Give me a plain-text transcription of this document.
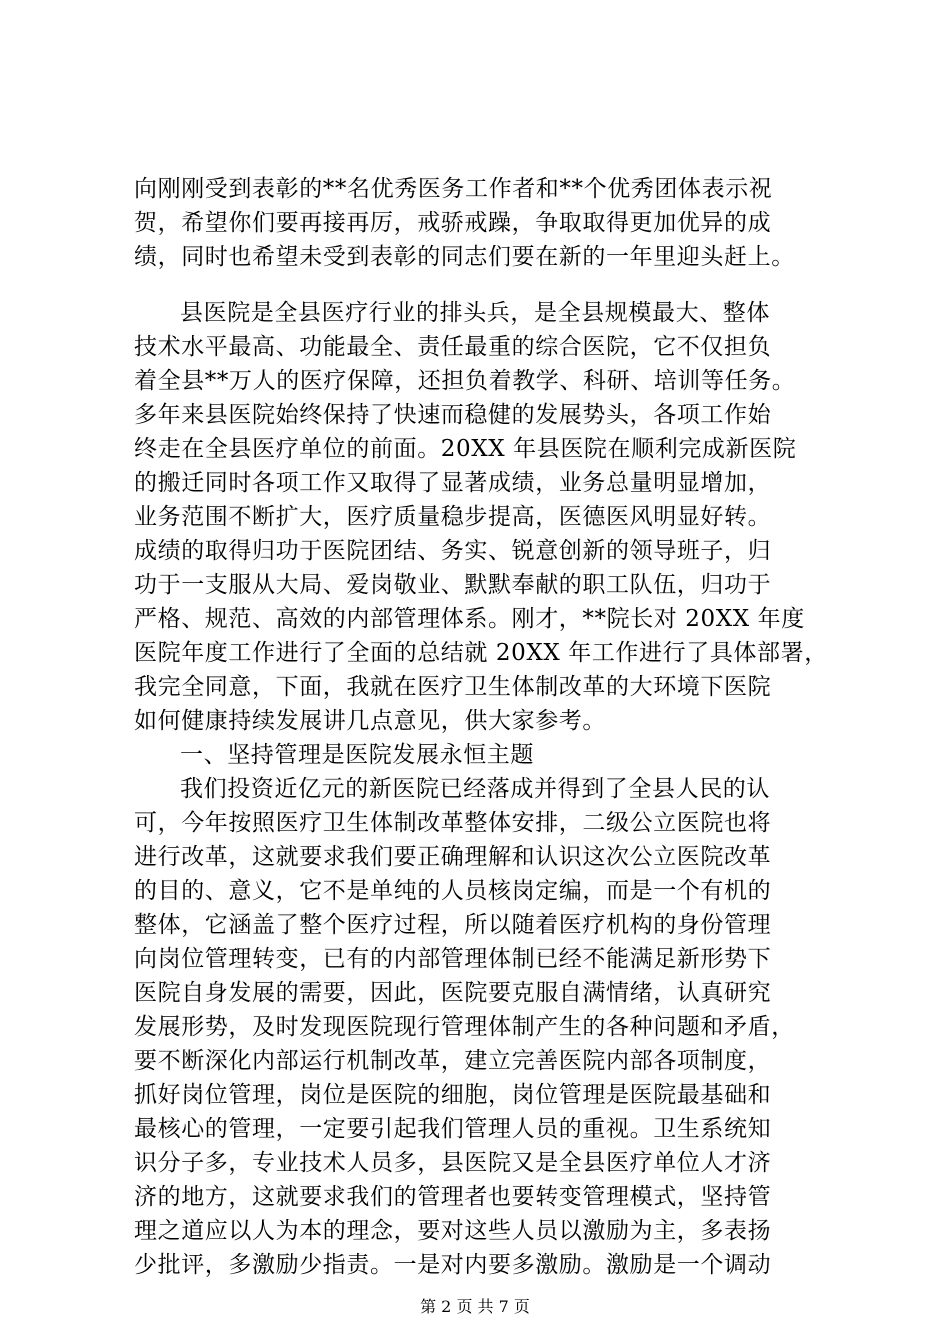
向刚刚受到表彰的**名优秀医务工作者和**个优秀团体表示祝
贺，希望你们要再接再厉，戒骄戒躁，争取取得更加优异的成
绩，同时也希望未受到表彰的同志们要在新的一年里迎头赶上。
县医院是全县医疗行业的排头兵，是全县规模最大、整体
技术水平最高、功能最全、责任最重的综合医院，它不仅担负
着全县**万人的医疗保障，还担负着教学、科研、培训等任务。
多年来县医院始终保持了快速而稳健的发展势头，各项工作始
终走在全县医疗单位的前面。20XX 年县医院在顺利完成新医院
的搬迁同时各项工作又取得了显著成绩，业务总量明显增加，
业务范围不断扩大，医疗质量稳步提高，医德医风明显好转。
成绩的取得归功于医院团结、务实、锐意创新的领导班子，归
功于一支服从大局、爱岗敬业、默默奉献的职工队伍，归功于
严格、规范、高效的内部管理体系。刚才，**院长对 20XX 年度
医院年度工作进行了全面的总结就 20XX 年工作进行了具体部署，
我完全同意，下面，我就在医疗卫生体制改革的大环境下医院
如何健康持续发展讲几点意见，供大家参考。
一、坚持管理是医院发展永恒主题
我们投资近亿元的新医院已经落成并得到了全县人民的认
可，今年按照医疗卫生体制改革整体安排，二级公立医院也将
进行改革，这就要求我们要正确理解和认识这次公立医院改革
的目的、意义，它不是单纯的人员核岗定编，而是一个有机的
整体，它涵盖了整个医疗过程，所以随着医疗机构的身份管理
向岗位管理转变，已有的内部管理体制已经不能满足新形势下
医院自身发展的需要，因此，医院要克服自满情绪，认真研究
发展形势，及时发现医院现行管理体制产生的各种问题和矛盾，
要不断深化内部运行机制改革，建立完善医院内部各项制度，
抓好岗位管理，岗位是医院的细胞，岗位管理是医院最基础和
最核心的管理，一定要引起我们管理人员的重视。卫生系统知
识分子多，专业技术人员多，县医院又是全县医疗单位人才济
济的地方，这就要求我们的管理者也要转变管理模式，坚持管
理之道应以人为本的理念，要对这些人员以激励为主，多表扬
少批评，多激励少指责。一是对内要多激励。激励是一个调动
第 2 页 共 7 页
